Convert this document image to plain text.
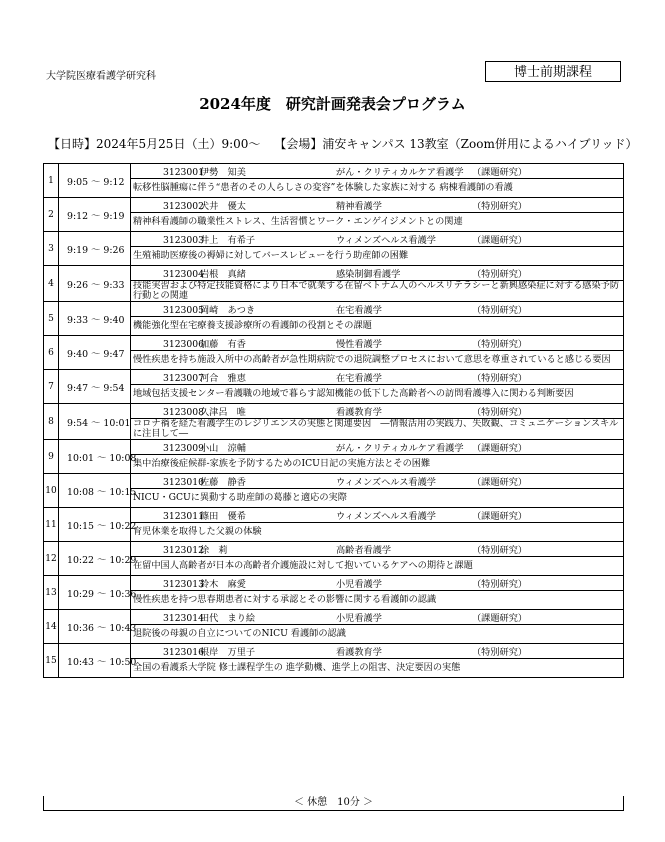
大学院医療看護学研究科	博士前期課程
2024年度　研究計画発表会プログラム
【日時】2024年5月25日（土）9:00～ 【会場】浦安キャンパス 13教室（Zoom併用によるハイブリッド）
1	9:05 ～ 9:12	3123001伊勢　知美 がん・クリティカルケア看護学 （課題研究）
		転移性脳腫瘍に伴う“患者のその人らしさの変容”を体験した家族に対する 病棟看護師の看護
2	9:12 ～ 9:19	3123002犬井　優太 精神看護学 （特別研究）
		精神科看護師の職業性ストレス、生活習慣とワーク・エンゲイジメントとの関連
3	9:19 ～ 9:26	3123003井上　有希子 ウィメンズヘルス看護学 （課題研究）
		生殖補助医療後の褥婦に対してバースレビューを行う助産師の困難
4	9:26 ～ 9:33	3123004岩根　真緒 感染制御看護学 （特別研究）
		技能実習および特定技能資格により日本で就業する在留ベトナム人のヘルスリテラシーと新興感染症に対する感染予防行動との関連
5	9:33 ～ 9:40	3123005岡崎　あつき 在宅看護学 （特別研究）
		機能強化型在宅療養支援診療所の看護師の役割とその課題
6	9:40 ～ 9:47	3123006加藤　有香 慢性看護学 （特別研究）
		慢性疾患を持ち施設入所中の高齢者が急性期病院での退院調整プロセスにおいて意思を尊重されていると感じる要因
7	9:47 ～ 9:54	3123007河合　雅恵 在宅看護学 （特別研究）
		地域包括支援センター看護職の地域で暮らす認知機能の低下した高齢者への訪問看護導入に関わる判断要因
8	9:54 ～ 10:01	3123008久津呂　唯 看護教育学 （特別研究）
		コロナ禍を経た看護学生のレジリエンスの実態と関連要因　―情報活用の実践力、失敗観、コミュニケーションスキルに注目して―
9	10:01 ～ 10:08	3123009小山　涼輔 がん・クリティカルケア看護学 （課題研究）
		集中治療後症候群-家族を予防するためのICU日記の実施方法とその困難
10	10:08 ～ 10:15	3123010佐藤　静香 ウィメンズヘルス看護学 （課題研究）
		NICU・GCUに異動する助産師の葛藤と適応の実際
11	10:15 ～ 10:22	3123011篠田　優希 ウィメンズヘルス看護学 （課題研究）
		育児休業を取得した父親の体験
12	10:22 ～ 10:29	3123012徐　莉 高齢者看護学 （特別研究）
		在留中国人高齢者が日本の高齢者介護施設に対して抱いているケアへの期待と課題
13	10:29 ～ 10:36	3123013鈴木　麻愛 小児看護学 （特別研究）
		慢性疾患を持つ思春期患者に対する承認とその影響に関する看護師の認識
14	10:36 ～ 10:43	3123014田代　まり絵 小児看護学 （課題研究）
		退院後の母親の自立についてのNICU 看護師の認識
15	10:43 ～ 10:50	3123016根岸　万里子 看護教育学 （特別研究）
		全国の看護系大学院 修士課程学生の 進学動機、進学上の阻害、決定要因の実態
＜ 休憩　10分 ＞
